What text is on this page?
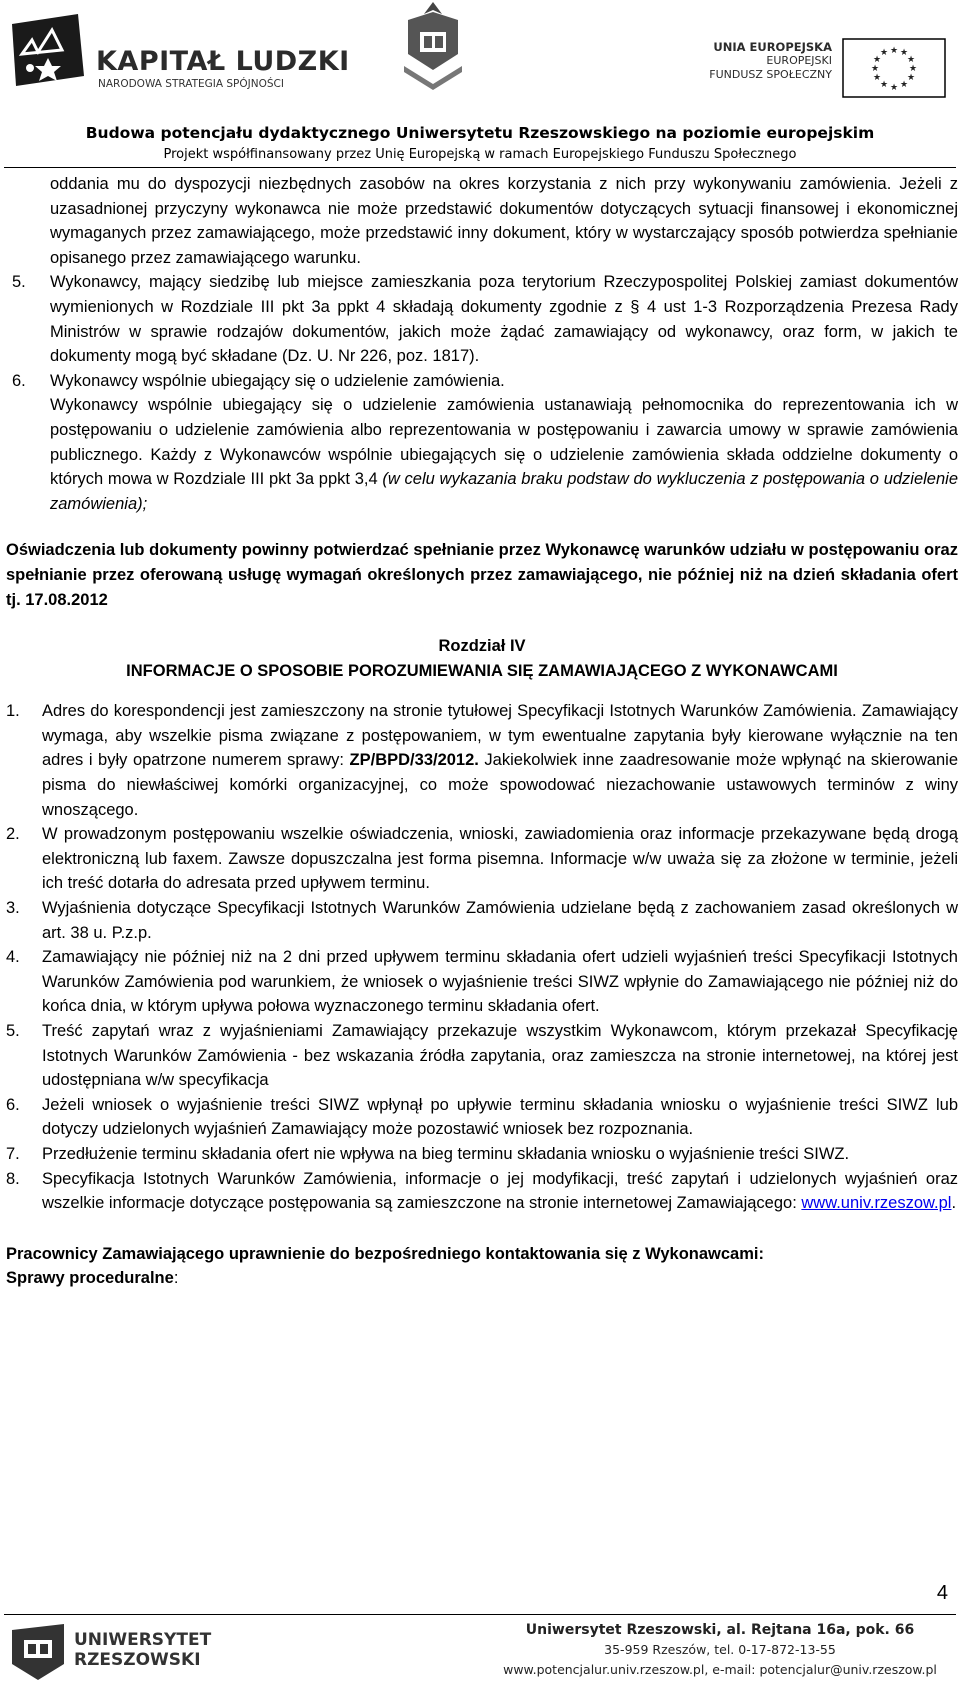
KAPITAŁ LUDZKI
NARODOWA STRATEGIA SPÓJNOŚCI
UNIA EUROPEJSKA
EUROPEJSKI
FUNDUSZ SPOŁECZNY
★ ★
★
★
★
★
★
★
★
★
★
★
Budowa potencjału dydaktycznego Uniwersytetu Rzeszowskiego na poziomie europejskim
Projekt współfinansowany przez Unię Europejską w ramach Europejskiego Funduszu Społecznego

oddania mu do dyspozycji niezbędnych zasobów na okres korzystania z nich przy wykonywaniu zamówienia. Jeżeli z uzasadnionej przyczyny wykonawca nie może przedstawić dokumentów dotyczących sytuacji finansowej i ekonomicznej wymaganych przez zamawiającego, może przedstawić inny dokument, który w wystarczający sposób potwierdza spełnianie opisanego przez zamawiającego warunku.

5. Wykonawcy, mający siedzibę lub miejsce zamieszkania poza terytorium Rzeczypospolitej Polskiej zamiast dokumentów wymienionych w Rozdziale III pkt 3a ppkt 4 składają dokumenty zgodnie z § 4 ust 1-3 Rozporządzenia Prezesa Rady Ministrów w sprawie rodzajów dokumentów, jakich może żądać zamawiający od wykonawcy, oraz form, w jakich te dokumenty mogą być składane (Dz. U. Nr 226, poz. 1817).

6. Wykonawcy wspólnie ubiegający się o udzielenie zamówienia.

Wykonawcy wspólnie ubiegający się o udzielenie zamówienia ustanawiają pełnomocnika do reprezentowania ich w postępowaniu o udzielenie zamówienia albo reprezentowania w postępowaniu i zawarcia umowy w sprawie zamówienia publicznego. Każdy z Wykonawców wspólnie ubiegających się o udzielenie zamówienia składa oddzielne dokumenty o których mowa w Rozdziale III pkt 3a ppkt 3,4 (w celu wykazania braku podstaw do wykluczenia z postępowania o udzielenie zamówienia);

Oświadczenia lub dokumenty powinny potwierdzać spełnianie przez Wykonawcę warunków udziału w postępowaniu oraz spełnianie przez oferowaną usługę wymagań określonych przez zamawiającego, nie później niż na dzień składania ofert tj. 17.08.2012

Rozdział IV

INFORMACJE O SPOSOBIE POROZUMIEWANIA SIĘ ZAMAWIAJĄCEGO Z WYKONAWCAMI

1. Adres do korespondencji jest zamieszczony na stronie tytułowej Specyfikacji Istotnych Warunków Zamówienia. Zamawiający wymaga, aby wszelkie pisma związane z postępowaniem, w tym ewentualne zapytania były kierowane wyłącznie na ten adres i były opatrzone numerem sprawy: ZP/BPD/33/2012. Jakiekolwiek inne zaadresowanie może wpłynąć na skierowanie pisma do niewłaściwej komórki organizacyjnej, co może spowodować niezachowanie ustawowych terminów z winy wnoszącego.

2. W prowadzonym postępowaniu wszelkie oświadczenia, wnioski, zawiadomienia oraz informacje przekazywane będą drogą elektroniczną lub faxem. Zawsze dopuszczalna jest forma pisemna. Informacje w/w uważa się za złożone w terminie, jeżeli ich treść dotarła do adresata przed upływem terminu.

3. Wyjaśnienia dotyczące Specyfikacji Istotnych Warunków Zamówienia udzielane będą z zachowaniem zasad określonych w art. 38 u. P.z.p.

4. Zamawiający nie później niż na 2 dni przed upływem terminu składania ofert udzieli wyjaśnień treści Specyfikacji Istotnych Warunków Zamówienia pod warunkiem, że wniosek o wyjaśnienie treści SIWZ wpłynie do Zamawiającego nie później niż do końca dnia, w którym upływa połowa wyznaczonego terminu składania ofert.

5. Treść zapytań wraz z wyjaśnieniami Zamawiający przekazuje wszystkim Wykonawcom, którym przekazał Specyfikację Istotnych Warunków Zamówienia - bez wskazania źródła zapytania, oraz zamieszcza na stronie internetowej, na której jest udostępniana w/w specyfikacja

6. Jeżeli wniosek o wyjaśnienie treści SIWZ wpłynął po upływie terminu składania wniosku o wyjaśnienie treści SIWZ lub dotyczy udzielonych wyjaśnień Zamawiający może pozostawić wniosek bez rozpoznania.

7. Przedłużenie terminu składania ofert nie wpływa na bieg terminu składania wniosku o wyjaśnienie treści SIWZ.

8. Specyfikacja Istotnych Warunków Zamówienia, informacje o jej modyfikacji, treść zapytań i udzielonych wyjaśnień oraz wszelkie informacje dotyczące postępowania są zamieszczone na stronie internetowej Zamawiającego: www.univ.rzeszow.pl.

Pracownicy Zamawiającego uprawnienie do bezpośredniego kontaktowania się z Wykonawcami:

Sprawy proceduralne:

4
UNIWERSYTET
RZESZOWSKI
Uniwersytet Rzeszowski, al. Rejtana 16a, pok. 66
35-959 Rzeszów, tel. 0-17-872-13-55
www.potencjalur.univ.rzeszow.pl, e-mail: potencjalur@univ.rzeszow.pl
